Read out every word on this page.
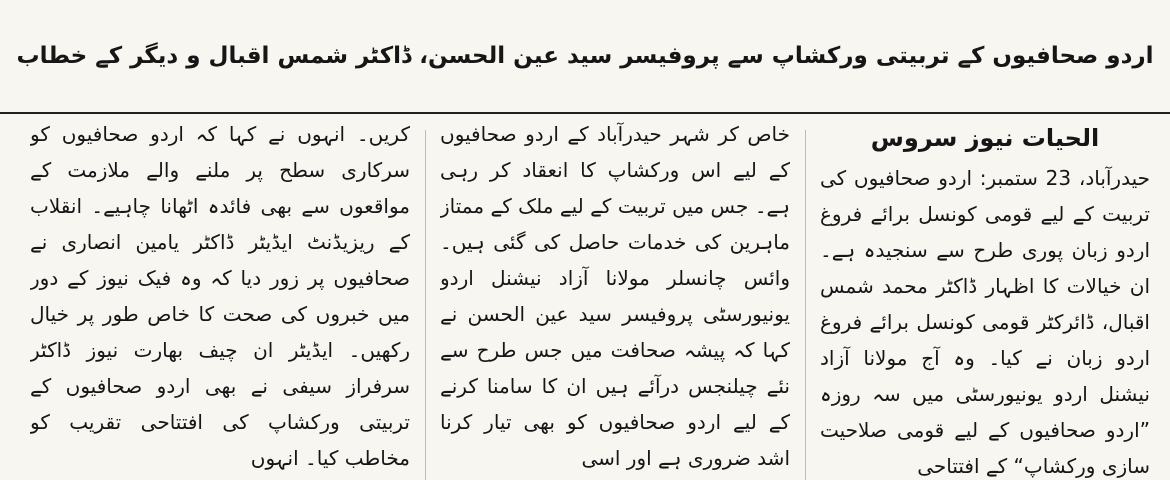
اردو صحافیوں کے تربیتی ورکشاپ سے پروفیسر سید عین الحسن، ڈاکٹر شمس اقبال و دیگر کے خطاب
الحیات نیوز سروس

حیدرآباد، 23 ستمبر: اردو صحافیوں کی تربیت کے لیے قومی کونسل برائے فروغ اردو زبان پوری طرح سے سنجیدہ ہے۔ ان خیالات کا اظہار ڈاکٹر محمد شمس اقبال، ڈائرکٹر قومی کونسل برائے فروغ اردو زبان نے کیا۔ وہ آج مولانا آزاد نیشنل اردو یونیورسٹی میں سہ روزہ ”اردو صحافیوں کے لیے قومی صلاحیت سازی ورکشاپ“ کے افتتاحی

خاص کر شہر حیدرآباد کے اردو صحافیوں کے لیے اس ورکشاپ کا انعقاد کر رہی ہے۔ جس میں تربیت کے لیے ملک کے ممتاز ماہرین کی خدمات حاصل کی گئی ہیں۔ وائس چانسلر مولانا آزاد نیشنل اردو یونیورسٹی پروفیسر سید عین الحسن نے کہا کہ پیشہ صحافت میں جس طرح سے نئے چیلنجس درآئے ہیں ان کا سامنا کرنے کے لیے اردو صحافیوں کو بھی تیار کرنا اشد ضروری ہے اور اسی

کریں۔ انہوں نے کہا کہ اردو صحافیوں کو سرکاری سطح پر ملنے والے ملازمت کے مواقعوں سے بھی فائدہ اٹھانا چاہیے۔ انقلاب کے ریزیڈنٹ ایڈیٹر ڈاکٹر یامین انصاری نے صحافیوں پر زور دیا کہ وہ فیک نیوز کے دور میں خبروں کی صحت کا خاص طور پر خیال رکھیں۔ ایڈیٹر ان چیف بھارت نیوز ڈاکٹر سرفراز سیفی نے بھی اردو صحافیوں کے تربیتی ورکشاپ کی افتتاحی تقریب کو مخاطب کیا۔ انہوں
